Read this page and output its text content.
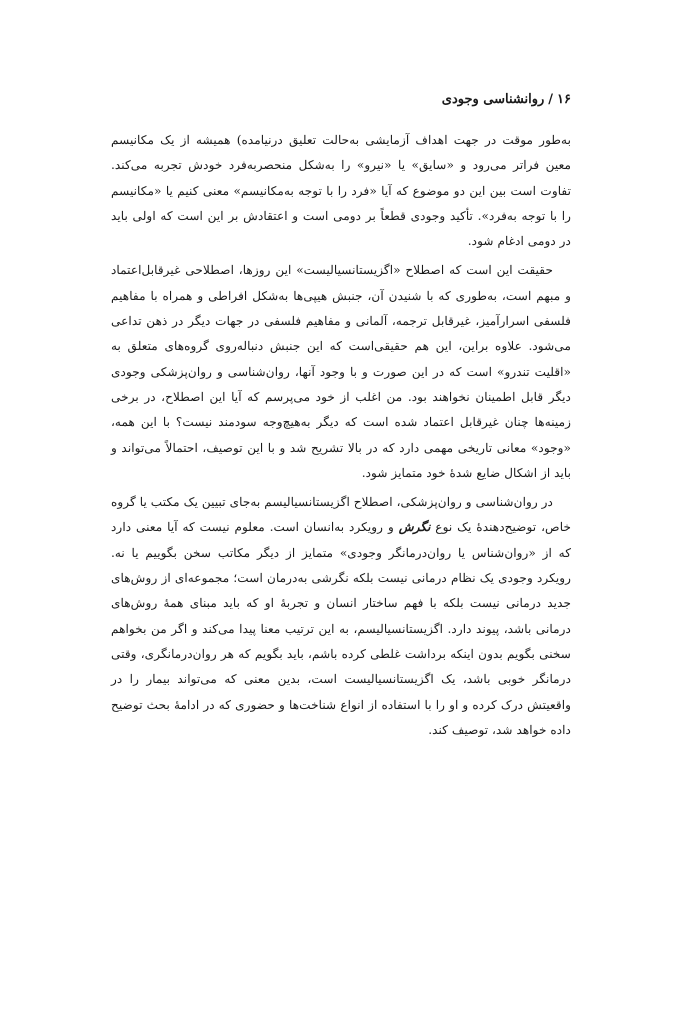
۱۶/روانشناسی وجودی

به‌طور موقت در جهت اهداف آزمایشی به‌حالت تعلیق درنیامده) همیشه از یک مکانیسم معین فراتر می‌رود و «سایق» یا «نیرو» را به‌شکل منحصربه‌فرد خودش تجربه می‌کند. تفاوت است بین این دو موضوع که آیا «فرد را با توجه به‌مکانیسم» معنی کنیم یا «مکانیسم را با توجه به‌فرد». تأکید وجودی قطعاً بر دومی است و اعتقادش بر این است که اولی باید در دومی ادغام شود.

حقیقت این است که اصطلاح «اگزیستانسیالیست» این روزها، اصطلاحی غیرقابل‌اعتماد و مبهم است، به‌طوری که با شنیدن آن، جنبش هیپی‌ها به‌شکل افراطی و همراه با مفاهیم فلسفی اسرارآمیز، غیرقابل ترجمه، آلمانی و مفاهیم فلسفی در جهات دیگر در ذهن تداعی می‌شود. علاوه براین، این هم حقیقی‌است که این جنبش دنباله‌روی گروه‌های متعلق به «اقلیت تندرو» است که در این صورت و با وجود آنها، روان‌شناسی و روان‌پزشکی وجودی دیگر قابل اطمینان نخواهند بود. من اغلب از خود می‌پرسم که آیا این اصطلاح، در برخی زمینه‌ها چنان غیرقابل اعتماد شده است که دیگر به‌هیچ‌وجه سودمند نیست؟ با این همه، «وجود» معانی تاریخی مهمی دارد که در بالا تشریح شد و با این توصیف، احتمالاً می‌تواند و باید از اشکال ضایع شدهٔ خود متمایز شود.

در روان‌شناسی و روان‌پزشکی، اصطلاح اگزیستانسیالیسم به‌جای تبیین یک مکتب یا گروه خاص، توضیح‌دهندهٔ یک نوع نگرش و رویکرد به‌انسان است. معلوم نیست که آیا معنی دارد که از «روان‌شناس یا روان‌درمانگر وجودی» متمایز از دیگر مکاتب سخن بگوییم یا نه. رویکرد وجودی یک نظام درمانی نیست بلکه نگرشی به‌درمان است؛ مجموعه‌ای از روش‌های جدید درمانی نیست بلکه با فهم ساختار انسان و تجربهٔ او که باید مبنای همهٔ روش‌های درمانی باشد، پیوند دارد. اگزیستانسیالیسم، به این ترتیب معنا پیدا می‌کند و اگر من بخواهم سخنی بگویم بدون اینکه برداشت غلطی کرده باشم، باید بگویم که هر روان‌درمانگری، وقتی درمانگر خوبی باشد، یک اگزیستانسیالیست است، بدین معنی که می‌تواند بیمار را در واقعیتش درک کرده و او را با استفاده از انواع شناخت‌ها و حضوری که در ادامهٔ بحث توضیح داده خواهد شد، توصیف کند.
